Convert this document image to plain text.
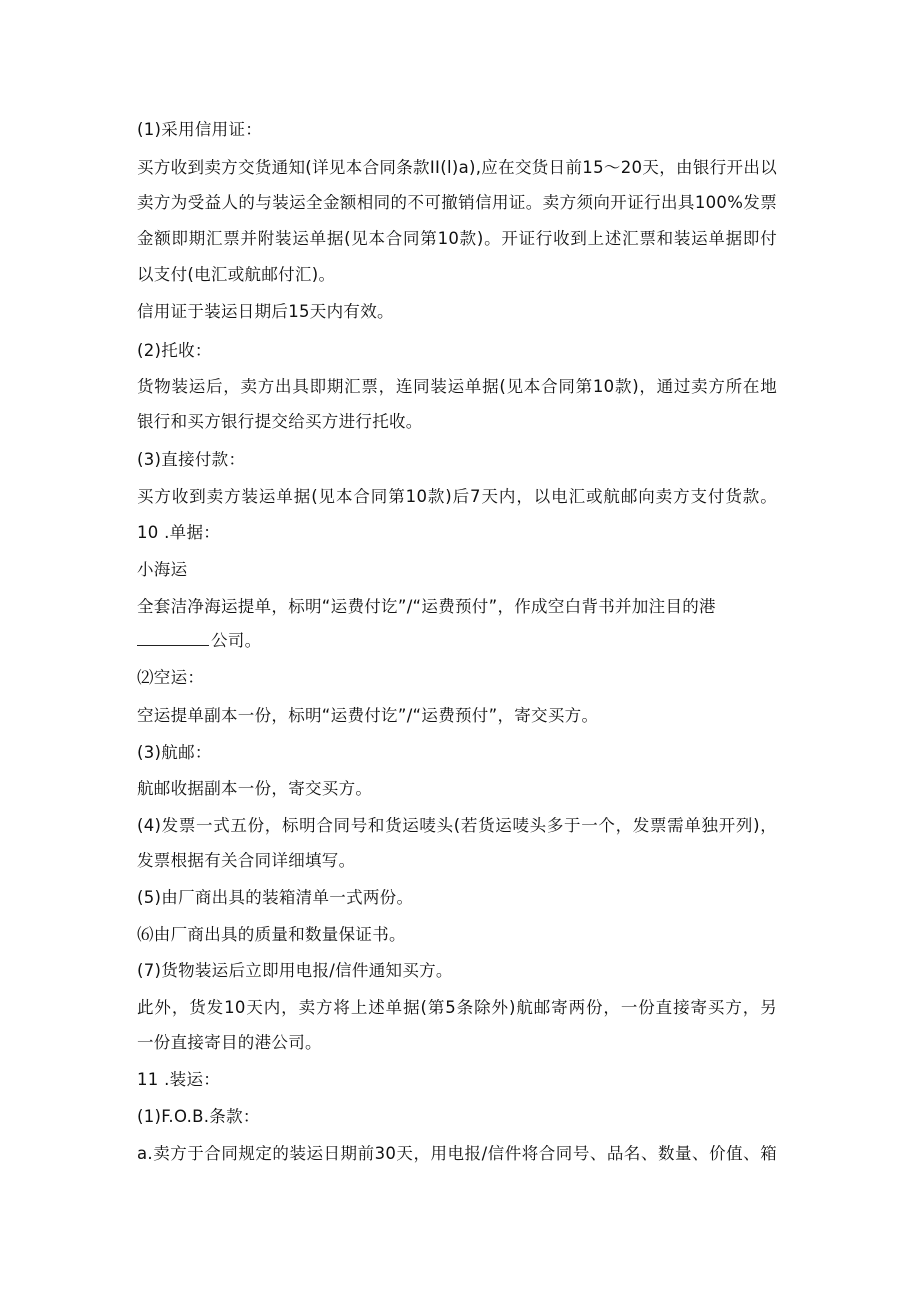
(1)采用信用证：
买方收到卖方交货通知(详见本合同条款II(l)a),应在交货日前15〜20天，由银行开出以
卖方为受益人的与装运全金额相同的不可撤销信用证。卖方须向开证行出具100%发票
金额即期汇票并附装运单据(见本合同第10款)。开证行收到上述汇票和装运单据即付
以支付(电汇或航邮付汇)。
信用证于装运日期后15天内有效。
(2)托收：
货物装运后，卖方出具即期汇票，连同装运单据(见本合同第10款)，通过卖方所在地
银行和买方银行提交给买方进行托收。
(3)直接付款：
买方收到卖方装运单据(见本合同第10款)后7天内，以电汇或航邮向卖方支付货款。
10 .单据：
小海运
全套洁净海运提单，标明“运费付讫”/“运费预付”，作成空白背书并加注目的港
公司。
⑵空运：
空运提单副本一份，标明“运费付讫”/“运费预付”，寄交买方。
(3)航邮：
航邮收据副本一份，寄交买方。
(4)发票一式五份，标明合同号和货运唛头(若货运唛头多于一个，发票需单独开列)，
发票根据有关合同详细填写。
(5)由厂商出具的装箱清单一式两份。
⑹由厂商出具的质量和数量保证书。
(7)货物装运后立即用电报/信件通知买方。
此外，货发10天内，卖方将上述单据(第5条除外)航邮寄两份，一份直接寄买方，另
一份直接寄目的港公司。
11 .装运：
(1)F.O.B.条款：
a.卖方于合同规定的装运日期前30天，用电报/信件将合同号、品名、数量、价值、箱
